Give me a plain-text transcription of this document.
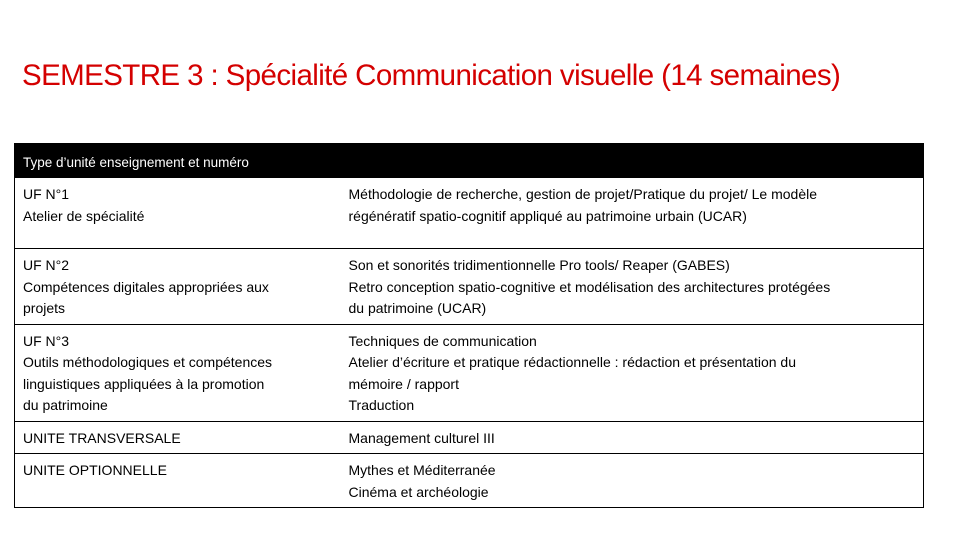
SEMESTRE 3 : Spécialité Communication visuelle (14 semaines)
Type d’unité enseignement et numéro	

UF N°1
Atelier de spécialité	Méthodologie de recherche, gestion de projet/Pratique du projet/ Le modèle
régénératif spatio-cognitif appliqué au patrimoine urbain (UCAR)

UF N°2
Compétences digitales appropriées aux
projets	Son et sonorités tridimentionnelle Pro tools/ Reaper (GABES)
Retro conception spatio-cognitive et modélisation des architectures protégées
du patrimoine (UCAR)

UF N°3
Outils méthodologiques et compétences
linguistiques appliquées à la promotion
du patrimoine	Techniques de communication
Atelier d’écriture et pratique rédactionnelle : rédaction et présentation du
mémoire / rapport
Traduction

UNITE TRANSVERSALE	Management culturel III

UNITE OPTIONNELLE	Mythes et Méditerranée
Cinéma et archéologie
